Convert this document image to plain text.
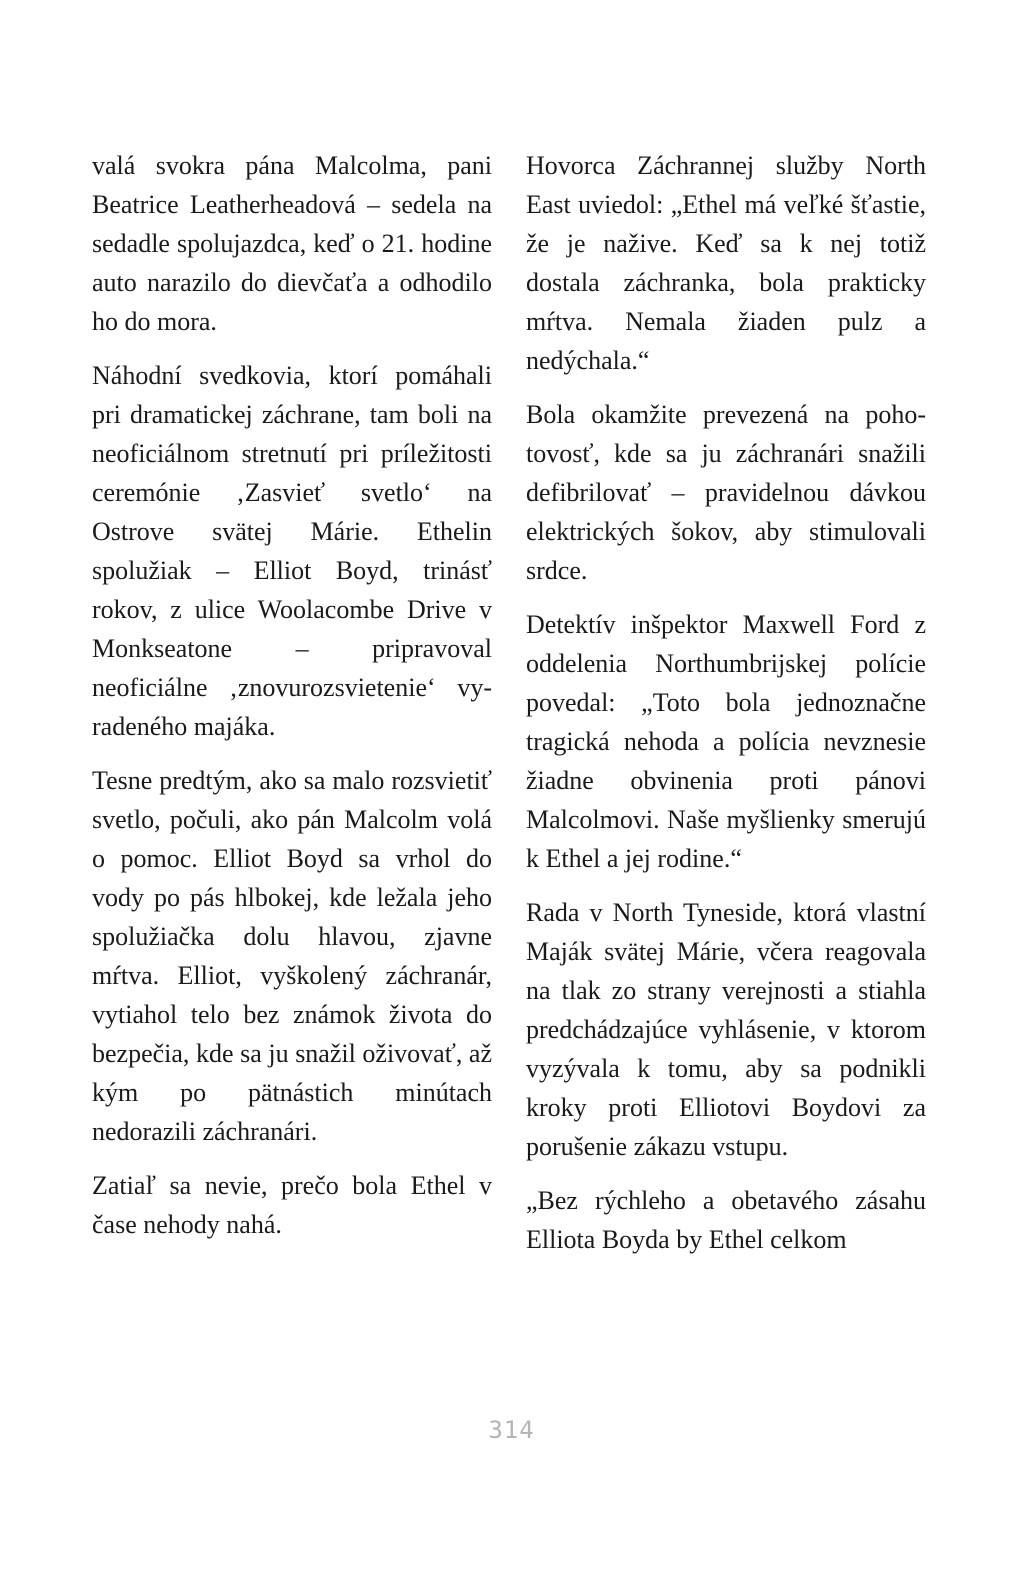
valá svokra pána Malcolma, pani Beatrice Leatherheadová – sedela na sedadle spolujazdca, keď o 21. hodine auto narazilo do dievčaťa a odhodilo ho do mora.

Náhodní svedkovia, ktorí pomáhali pri dramatickej záchrane, tam boli na neoficiálnom stretnutí pri príležitosti ceremónie ‚Zasvieť svetlo‘ na Ostrove svätej Márie. Ethelin spolužiak – Elliot Boyd, trinásť rokov, z ulice Woolacombe Drive v Monkseatone – pripravoval neoficiálne ‚znovurozsvietenie‘ vyradeného majáka.

Tesne predtým, ako sa malo rozsvietiť svetlo, počuli, ako pán Malcolm volá o pomoc. Elliot Boyd sa vrhol do vody po pás hlbokej, kde ležala jeho spolužiačka dolu hlavou, zjavne mŕtva. Elliot, vyškolený záchranár, vytiahol telo bez známok života do bezpečia, kde sa ju snažil oživovať, až kým po pätnástich minútach nedorazili záchranári.

Zatiaľ sa nevie, prečo bola Ethel v čase nehody nahá.

Hovorca Záchrannej služby North East uviedol: „Ethel má veľké šťastie, že je nažive. Keď sa k nej totiž dostala záchranka, bola prakticky mŕtva. Nemala žiaden pulz a nedýchala.“

Bola okamžite prevezená na pohotovosť, kde sa ju záchranári snažili defibrilovať – pravidelnou dávkou elektrických šokov, aby stimulovali srdce.

Detektív inšpektor Maxwell Ford z oddelenia Northumbrijskej polície povedal: „Toto bola jednoznačne tragická nehoda a polícia nevznesie žiadne obvinenia proti pánovi Malcolmovi. Naše myšlienky smerujú k Ethel a jej rodine.“

Rada v North Tyneside, ktorá vlastní Maják svätej Márie, včera reagovala na tlak zo strany verejnosti a stiahla predchádzajúce vyhlásenie, v ktorom vyzývala k tomu, aby sa podnikli kroky proti Elliotovi Boydovi za porušenie zákazu vstupu.

„Bez rýchleho a obetavého zásahu Elliota Boyda by Ethel celkom

314
